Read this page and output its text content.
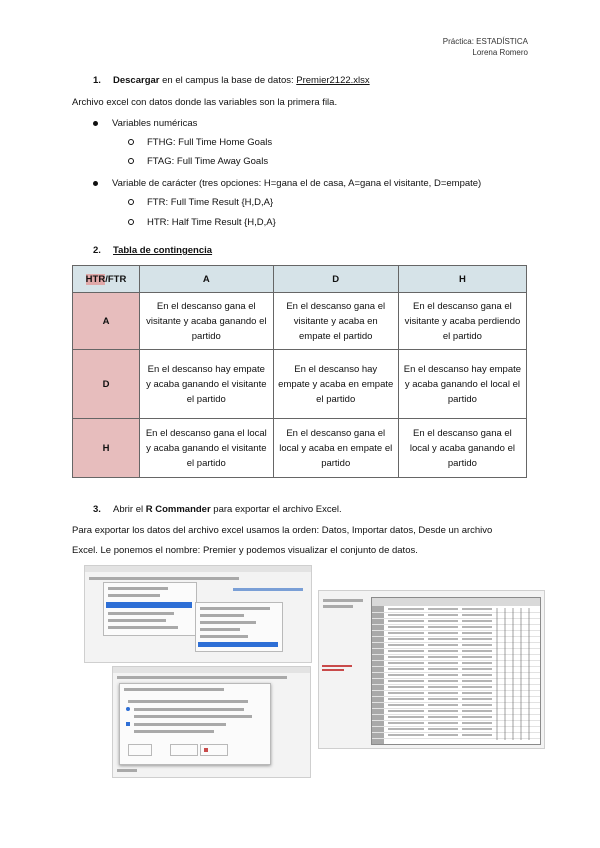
Práctica: ESTADÍSTICA
Lorena Romero
1. Descargar en el campus la base de datos: Premier2122.xlsx
Archivo excel con datos donde las variables son la primera fila.
Variables numéricas
FTHG: Full Time Home Goals
FTAG: Full Time Away Goals
Variable de carácter (tres opciones: H=gana el de casa, A=gana el visitante, D=empate)
FTR: Full Time Result {H,D,A}
HTR: Half Time Result {H,D,A}
2. Tabla de contingencia
HTR/FTR	A	D	H
A	En el descanso gana el visitante y acaba ganando el partido	En el descanso gana el visitante y acaba en empate el partido	En el descanso gana el visitante y acaba perdiendo el partido
D	En el descanso hay empate y acaba ganando el visitante el partido	En el descanso hay empate y acaba en empate el partido	En el descanso hay empate y acaba ganando el local el partido
H	En el descanso gana el local y acaba ganando el visitante el partido	En el descanso gana el local y acaba en empate el partido	En el descanso gana el local y acaba ganando el partido
3. Abrir el R Commander para exportar el archivo Excel.
Para exportar los datos del archivo excel usamos la orden: Datos, Importar datos, Desde un archivo
Excel. Le ponemos el nombre: Premier y podemos visualizar el conjunto de datos.
